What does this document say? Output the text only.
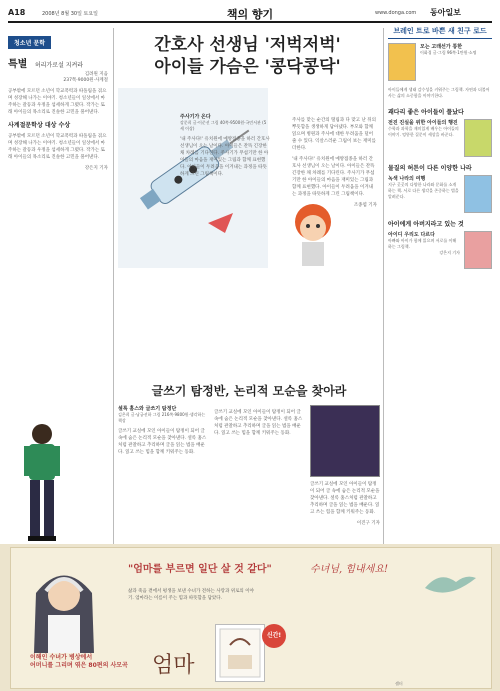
A18	2008년 8월 30일 토요일	책의 향기	www.donga.com 동아일보
청소년 문학
특별 허리가로설 지켜라
김려원 지음
237쪽·9000원·사계절
공부밖에 모르던 소년이 학교폭력과 따돌림을 겪으며 성장해 나가는 이야기. 청소년들이 일상에서 마주하는 갈등과 우정을 섬세하게 그렸다. 작가는 또래 아이들의 목소리로 진솔한 고민을 풀어낸다.
사계절문학상 대상 수상
공부밖에 모르던 소년이 학교폭력과 따돌림을 겪으며 성장해 나가는 이야기. 청소년들이 일상에서 마주하는 갈등과 우정을 섬세하게 그렸다. 작가는 또래 아이들의 목소리로 진솔한 고민을 풀어낸다.
강은지 기자
간호사 선생님 '저벅저벅'
아이들 가슴은 '콩닥콩닥'
주사기가 온다
강문희 글·이준선 그림 40쪽·9500원·국민서관 (5세 이상)
'내 주사다!' 유치원에 예방접종을 하러 간호사 선생님이 오는 날이다. 아이들은 잔뜩 긴장한 채 차례를 기다린다. 주사기가 무섭기만 한 아이들의 마음을 재미있는 그림과 함께 표현했다. 아이들이 두려움을 이겨내는 과정을 따뜻하게 그린 그림책이다.
주사를 맞는 순간의 떨림과 다 맞고 난 뒤의 뿌듯함을 생생하게 담아냈다. 부모와 함께 읽으며 병원과 주사에 대한 두려움을 덜어줄 수 있다. 익살스러운 그림이 보는 재미를 더한다.
'내 주사다!' 유치원에 예방접종을 하러 간호사 선생님이 오는 날이다. 아이들은 잔뜩 긴장한 채 차례를 기다린다. 주사기가 무섭기만 한 아이들의 마음을 재미있는 그림과 함께 표현했다. 아이들이 두려움을 이겨내는 과정을 따뜻하게 그린 그림책이다.
조종엽 기자
글쓰기 탐정반, 논리적 모순을 찾아라
셜록 홈스와 글쓰기 탐정단
김은희 글·남궁선하 그림 216쪽·9800원·생각하는책상
글쓰기 교실에 모인 아이들이 탐정이 되어 글 속에 숨은 논리적 모순을 찾아낸다. 셜록 홈스처럼 관찰하고 추리하며 글을 읽는 법을 배운다. 읽고 쓰는 힘을 함께 키워주는 동화.
글쓰기 교실에 모인 아이들이 탐정이 되어 글 속에 숨은 논리적 모순을 찾아낸다. 셜록 홈스처럼 관찰하고 추리하며 글을 읽는 법을 배운다. 읽고 쓰는 힘을 함께 키워주는 동화.
글쓰기 교실에 모인 아이들이 탐정이 되어 글 속에 숨은 논리적 모순을 찾아낸다. 셜록 홈스처럼 관찰하고 추리하며 글을 읽는 법을 배운다. 읽고 쓰는 힘을 함께 키워주는 동화.
이진구 기자
브레인 트로 바쁜 새 친구 로드
모는 고래선가 통한
이화경 글·그림 96쪽·1만원·소명
아이들에게 생태 감수성을 키워주는 그림책. 자연과 더불어 사는 삶의 소중함을 이야기한다.
괘다리 좋은 아이들이 풀났다
전진 진실을 위한 아이들의 행진
수학과 과학을 재미있게 배우는 아이들의 이야기. 엉뚱한 질문이 세상을 바꾼다.
물질의 허튼이 다른 이양한 나라
녹색 나라의 여행
지구 곳곳의 다양한 나라와 문화를 소개하는 책. 서로 다른 생각을 존중하는 법을 알려준다.
아이에게 아버지라고 있는 것
아이디 우리도 다르다
아빠와 아이가 함께 읽으며 서로를 이해하는 그림책.
강은지 기자
"엄마를 부르면 일단 살 것 같다"
삶과 죽음 곁에서 평생을 보낸 수녀가 전하는 사랑과 위로의 이야기. 엄마라는 이름이 주는 힘과 따뜻함을 담았다.
이해인 수녀가 병상에서
어머니를 그리며 엮은 80편의 사모곡	엄마
신간!
수녀님, 힘내세요!
샘터
